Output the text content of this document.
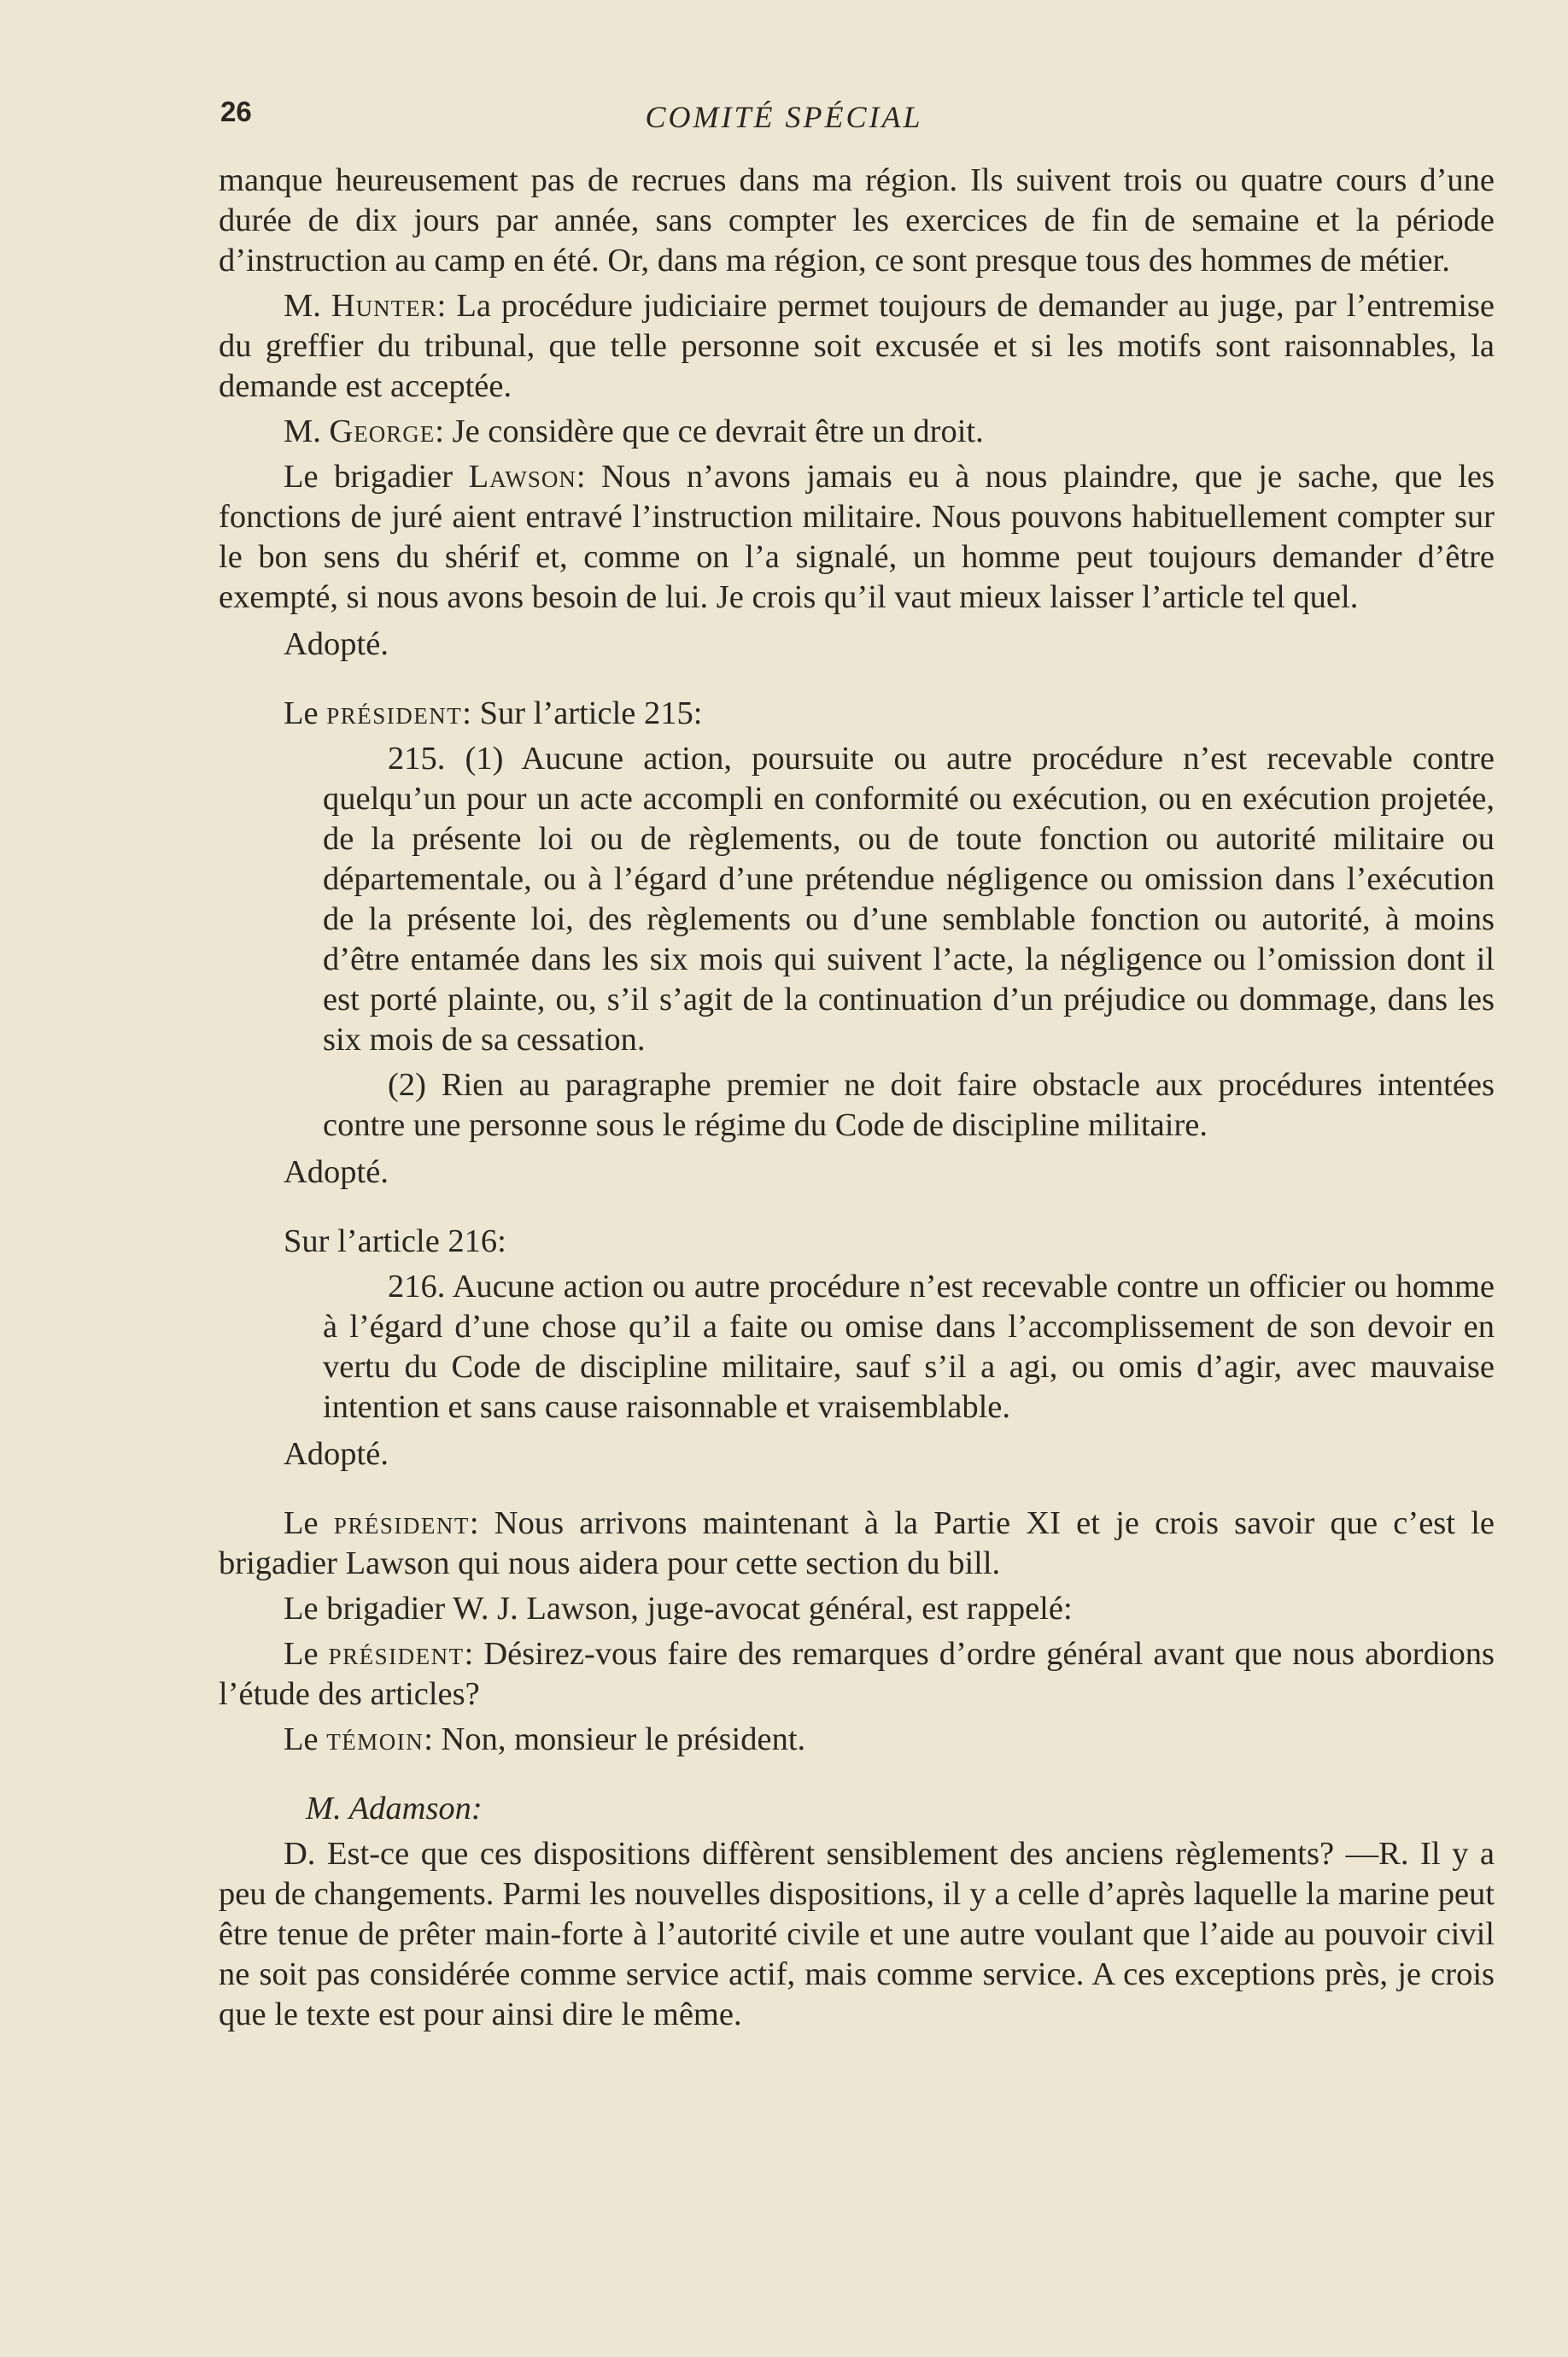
26	COMITÉ SPÉCIAL

manque heureusement pas de recrues dans ma région. Ils suivent trois ou quatre cours d’une durée de dix jours par année, sans compter les exercices de fin de semaine et la période d’instruction au camp en été. Or, dans ma région, ce sont presque tous des hommes de métier.

M. Hunter: La procédure judiciaire permet toujours de demander au juge, par l’entremise du greffier du tribunal, que telle personne soit excusée et si les motifs sont raisonnables, la demande est acceptée.

M. George: Je considère que ce devrait être un droit.

Le brigadier Lawson: Nous n’avons jamais eu à nous plaindre, que je sache, que les fonctions de juré aient entravé l’instruction militaire. Nous pouvons habituellement compter sur le bon sens du shérif et, comme on l’a signalé, un homme peut toujours demander d’être exempté, si nous avons besoin de lui. Je crois qu’il vaut mieux laisser l’article tel quel.

Adopté.

Le président: Sur l’article 215:

215. (1) Aucune action, poursuite ou autre procédure n’est recevable contre quelqu’un pour un acte accompli en conformité ou exécution, ou en exécution projetée, de la présente loi ou de règlements, ou de toute fonction ou autorité militaire ou départementale, ou à l’égard d’une prétendue négligence ou omission dans l’exécution de la présente loi, des règlements ou d’une semblable fonction ou autorité, à moins d’être entamée dans les six mois qui suivent l’acte, la négligence ou l’omission dont il est porté plainte, ou, s’il s’agit de la continuation d’un préjudice ou dommage, dans les six mois de sa cessation.

(2) Rien au paragraphe premier ne doit faire obstacle aux procédures intentées contre une personne sous le régime du Code de discipline militaire.

Adopté.

Sur l’article 216:

216. Aucune action ou autre procédure n’est recevable contre un officier ou homme à l’égard d’une chose qu’il a faite ou omise dans l’accomplissement de son devoir en vertu du Code de discipline militaire, sauf s’il a agi, ou omis d’agir, avec mauvaise intention et sans cause raisonnable et vraisemblable.

Adopté.

Le président: Nous arrivons maintenant à la Partie XI et je crois savoir que c’est le brigadier Lawson qui nous aidera pour cette section du bill.

Le brigadier W. J. Lawson, juge-avocat général, est rappelé:

Le président: Désirez-vous faire des remarques d’ordre général avant que nous abordions l’étude des articles?

Le témoin: Non, monsieur le président.

M. Adamson:

D. Est-ce que ces dispositions diffèrent sensiblement des anciens règlements? —R. Il y a peu de changements. Parmi les nouvelles dispositions, il y a celle d’après laquelle la marine peut être tenue de prêter main-forte à l’autorité civile et une autre voulant que l’aide au pouvoir civil ne soit pas considérée comme service actif, mais comme service. A ces exceptions près, je crois que le texte est pour ainsi dire le même.
